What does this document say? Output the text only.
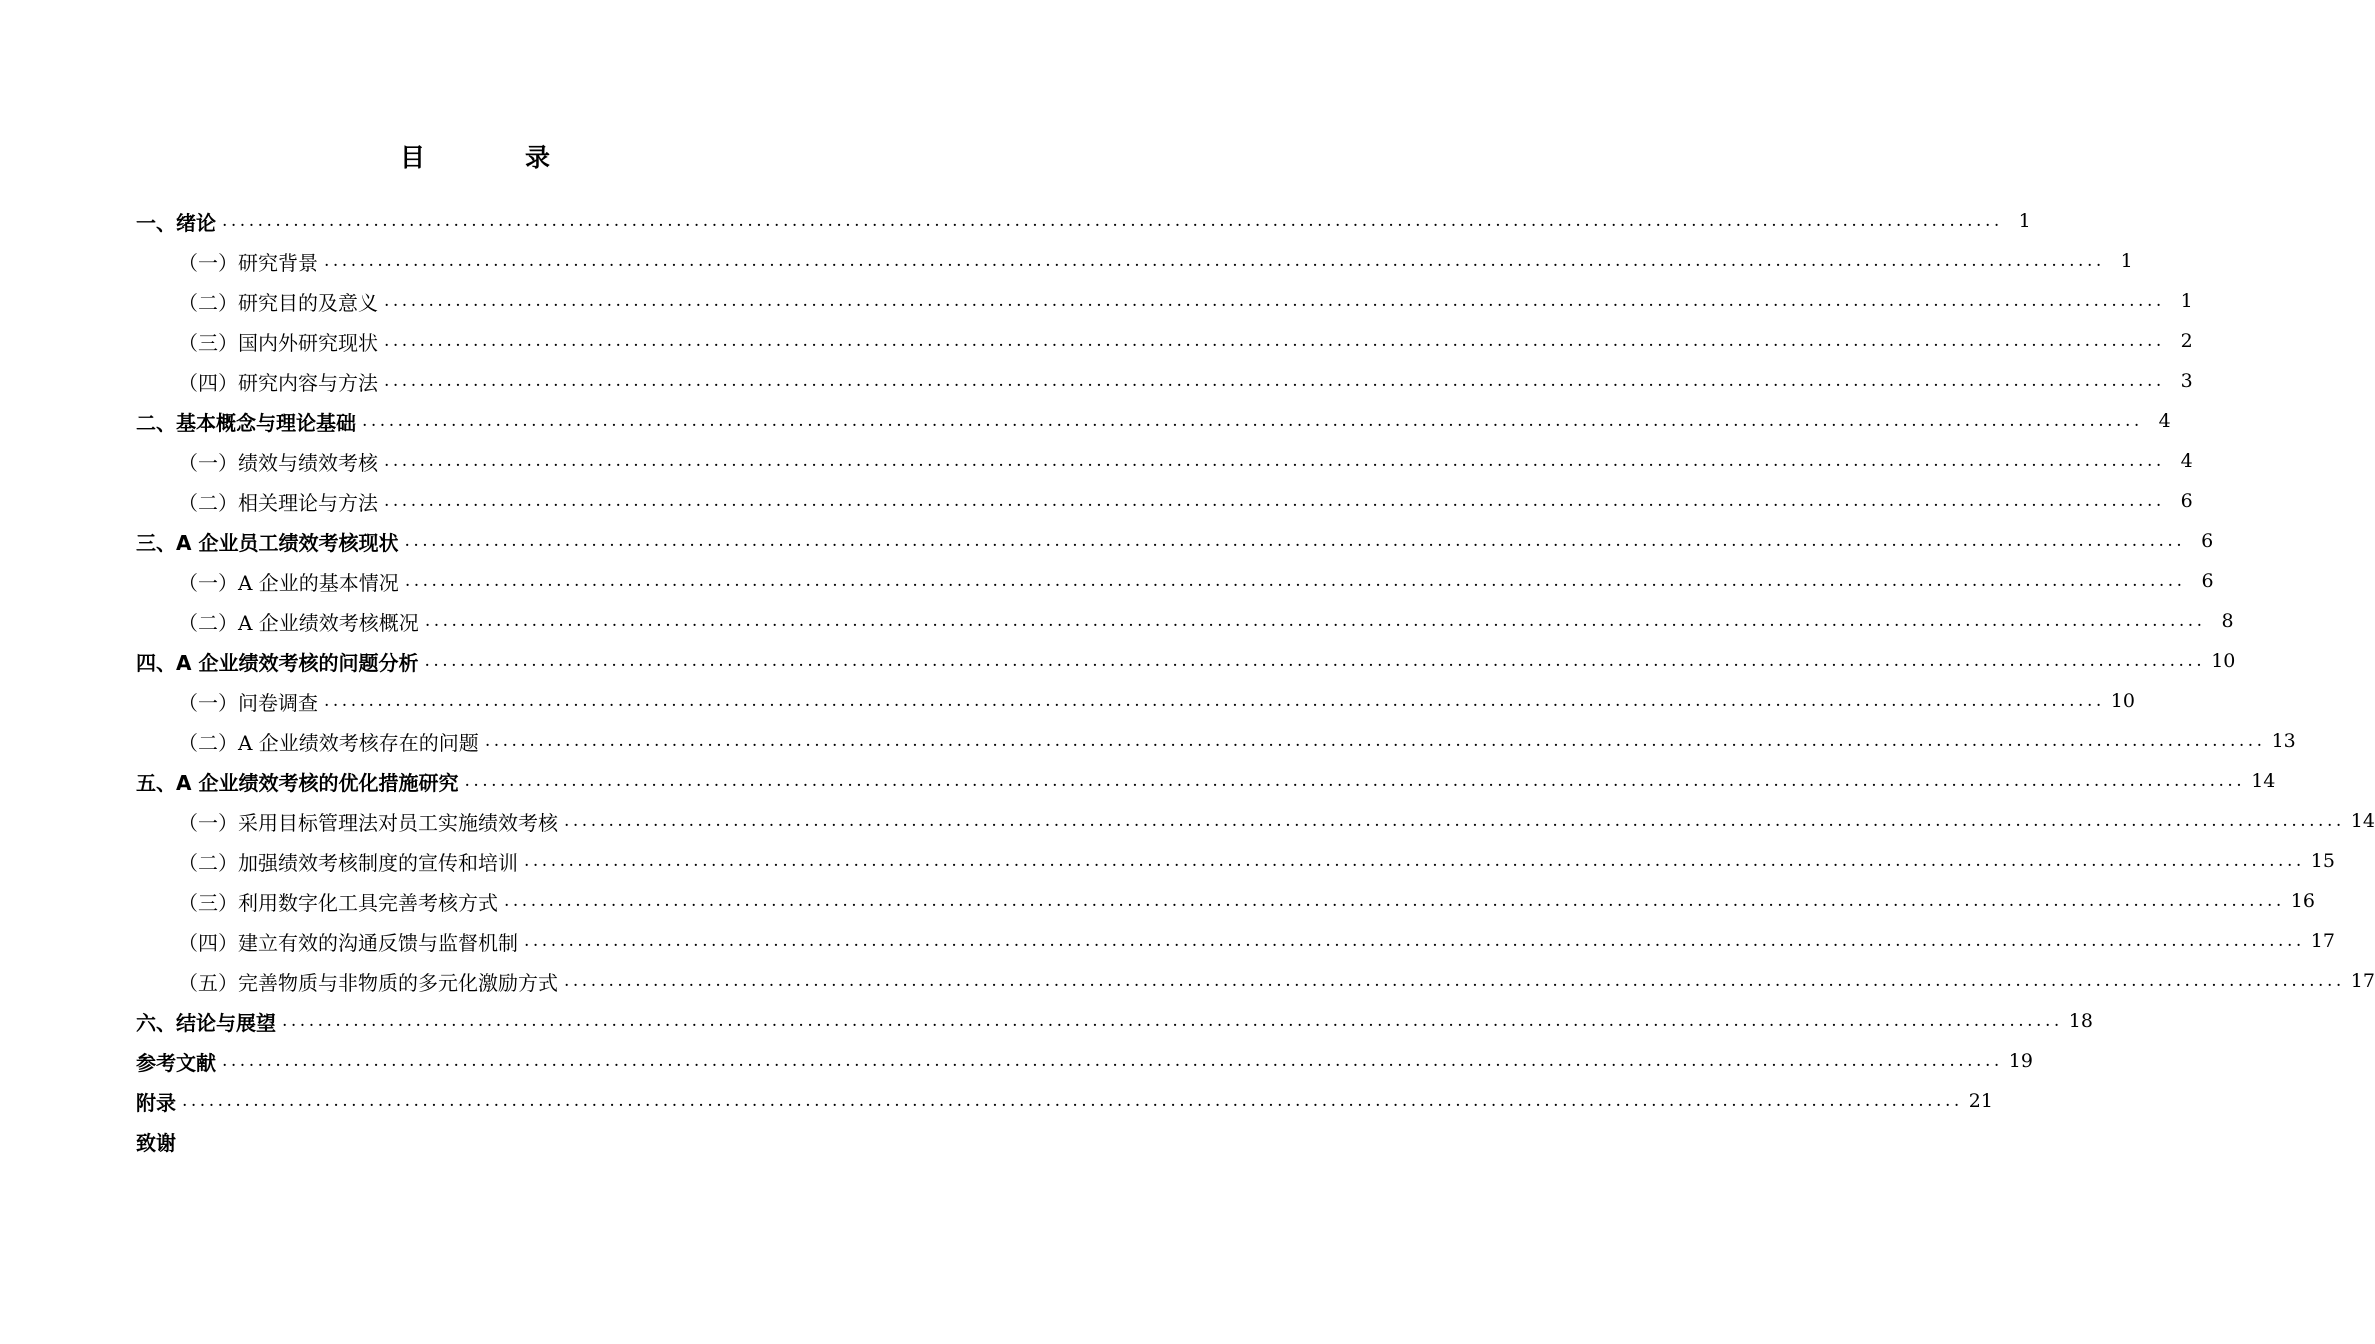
目	录
一、绪论 ........................................................................................................................................................................................................ 1
（一）研究背景 ........................................................................................................................................................................................................ 1
（二）研究目的及意义 ........................................................................................................................................................................................................ 1
（三）国内外研究现状 ........................................................................................................................................................................................................ 2
（四）研究内容与方法 ........................................................................................................................................................................................................ 3
二、基本概念与理论基础 ........................................................................................................................................................................................................ 4
（一）绩效与绩效考核 ........................................................................................................................................................................................................ 4
（二）相关理论与方法 ........................................................................................................................................................................................................ 6
三、A 企业员工绩效考核现状 ........................................................................................................................................................................................................ 6
（一）A 企业的基本情况 ........................................................................................................................................................................................................ 6
（二）A 企业绩效考核概况 ........................................................................................................................................................................................................ 8
四、A 企业绩效考核的问题分析 ........................................................................................................................................................................................................ 10
（一）问卷调查 ........................................................................................................................................................................................................ 10
（二）A 企业绩效考核存在的问题 ........................................................................................................................................................................................................ 13
五、A 企业绩效考核的优化措施研究 ........................................................................................................................................................................................................ 14
（一）采用目标管理法对员工实施绩效考核 ........................................................................................................................................................................................................ 14
（二）加强绩效考核制度的宣传和培训 ........................................................................................................................................................................................................ 15
（三）利用数字化工具完善考核方式 ........................................................................................................................................................................................................ 16
（四）建立有效的沟通反馈与监督机制 ........................................................................................................................................................................................................ 17
（五）完善物质与非物质的多元化激励方式 ........................................................................................................................................................................................................ 17
六、结论与展望 ........................................................................................................................................................................................................ 18
参考文献 ........................................................................................................................................................................................................ 19
附录 ........................................................................................................................................................................................................ 21
致谢
